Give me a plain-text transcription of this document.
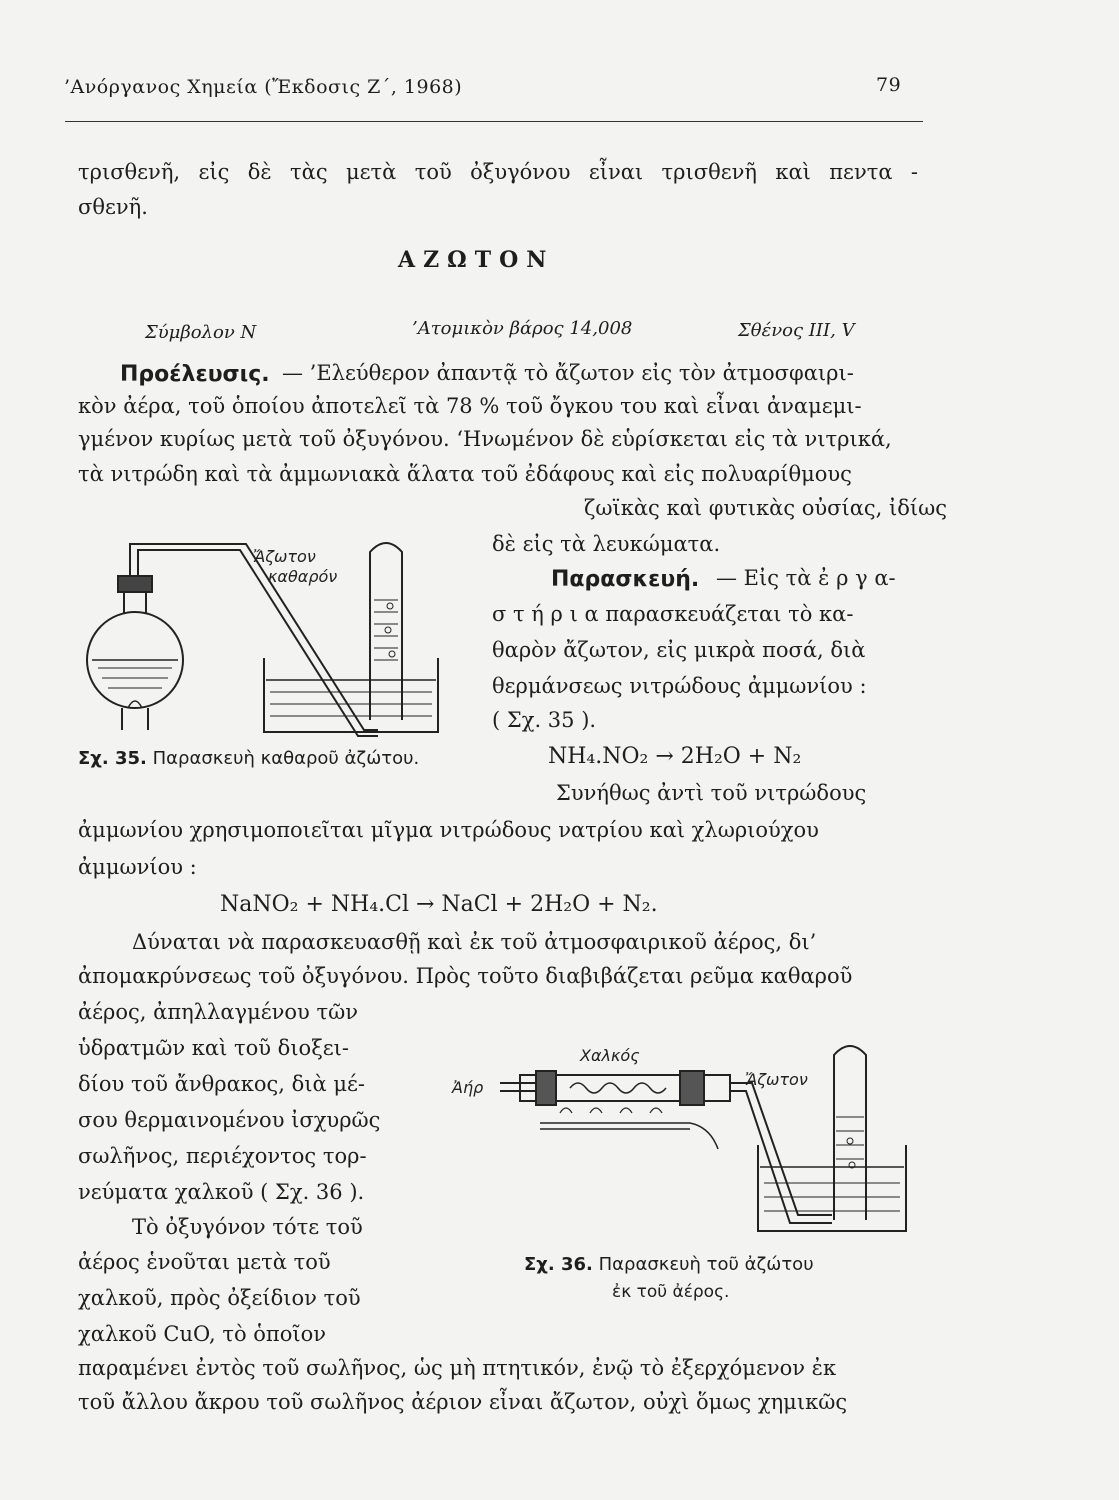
’Ανόργανος Χημεία (Ἔκδοσις Ζ΄, 1968)	79
τρισθενῆ, εἰς δὲ τὰς μετὰ τοῦ ὀξυγόνου εἶναι τρισθενῆ καὶ πεντα -
σθενῆ.
ΑΖΩΤΟΝ
Σύμβολον N	’Ατομικὸν βάρος 14,008	Σθένος III, V
Προέλευσις. — ’Ελεύθερον ἀπαντᾷ τὸ ἄζωτον εἰς τὸν ἀτμοσφαιρι-
κὸν ἀέρα, τοῦ ὁποίου ἀποτελεῖ τὰ 78 % τοῦ ὄγκου του καὶ εἶναι ἀναμεμι-
γμένον κυρίως μετὰ τοῦ ὀξυγόνου. ‘Ηνωμένον δὲ εὑρίσκεται εἰς τὰ νιτρικά,
τὰ νιτρώδη καὶ τὰ ἀμμωνιακὰ ἅλατα τοῦ ἐδάφους καὶ εἰς πολυαρίθμους
ζωϊκὰς καὶ φυτικὰς οὐσίας, ἰδίως
δὲ εἰς τὰ λευκώματα.
Παρασκευή. — Εἰς τὰ ἐ ρ γ α-
σ τ ή ρ ι α παρασκευάζεται τὸ κα-
θαρὸν ἄζωτον, εἰς μικρὰ ποσά, διὰ
θερμάνσεως νιτρώδους ἀμμωνίου :
( Σχ. 35 ).
Ἄζωτον
καθαρόν
Σχ. 35. Παρασκευὴ καθαροῦ ἀζώτου.	NH₄.NO₂ → 2H₂O + N₂
Συνήθως ἀντὶ τοῦ νιτρώδους
ἀμμωνίου χρησιμοποιεῖται μῖγμα νιτρώδους νατρίου καὶ χλωριούχου
ἀμμωνίου :
NaNO₂ + NH₄.Cl → NaCl + 2H₂O + N₂.
Δύναται νὰ παρασκευασθῇ καὶ ἐκ τοῦ ἀτμοσφαιρικοῦ ἀέρος, δι’
ἀπομακρύνσεως τοῦ ὀξυγόνου. Πρὸς τοῦτο διαβιβάζεται ρεῦμα καθαροῦ
ἀέρος, ἀπηλλαγμένου τῶν
ὑδρατμῶν καὶ τοῦ διοξει-
δίου τοῦ ἄνθρακος, διὰ μέ-
σου θερμαινομένου ἰσχυρῶς
σωλῆνος, περιέχοντος τορ-
νεύματα χαλκοῦ ( Σχ. 36 ).
Τὸ ὀξυγόνον τότε τοῦ
ἀέρος ἑνοῦται μετὰ τοῦ
χαλκοῦ, πρὸς ὀξείδιον τοῦ
χαλκοῦ CuO, τὸ ὁποῖον
παραμένει ἐντὸς τοῦ σωλῆνος, ὡς μὴ πτητικόν, ἐνῷ τὸ ἐξερχόμενον ἐκ
τοῦ ἄλλου ἄκρου τοῦ σωλῆνος ἀέριον εἶναι ἄζωτον, οὐχὶ ὅμως χημικῶς
Χαλκός
Ἀήρ	Ἄζωτον
Σχ. 36. Παρασκευὴ τοῦ ἀζώτου
ἐκ τοῦ ἀέρος.
